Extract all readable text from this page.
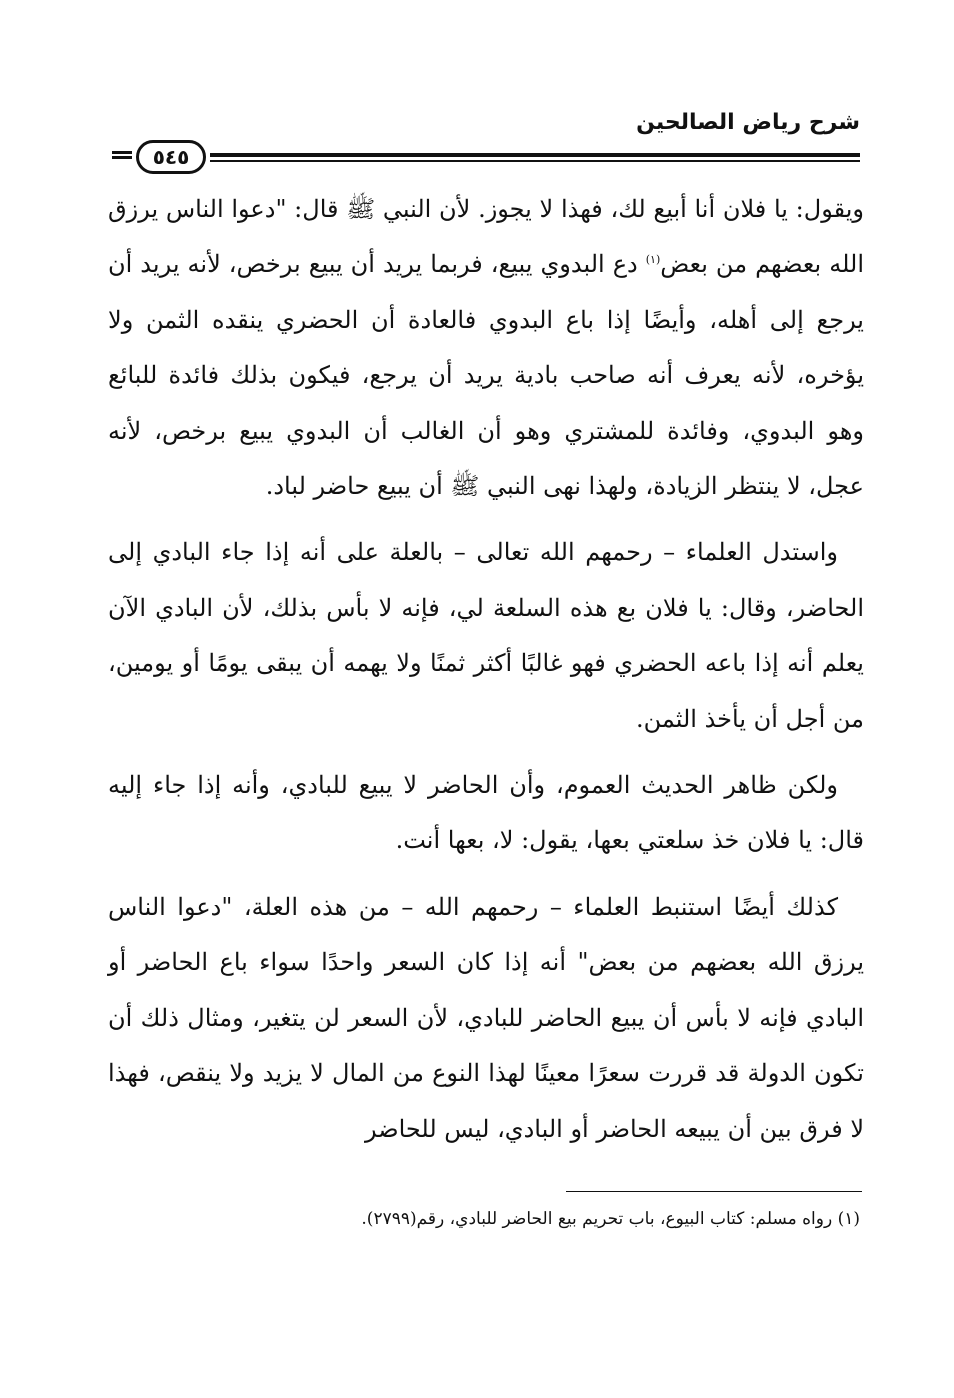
شرح رياض الصالحين
٥٤٥

ويقول: يا فلان أنا أبيع لك، فهذا لا يجوز. لأن النبي ﷺ قال: "دعوا الناس يرزق الله بعضهم من بعض$^{(١)}$ دع البدوي يبيع، فربما يريد أن يبيع برخص، لأنه يريد أن يرجع إلى أهله، وأيضًا إذا باع البدوي فالعادة أن الحضري ينقده الثمن ولا يؤخره، لأنه يعرف أنه صاحب بادية يريد أن يرجع، فيكون بذلك فائدة للبائع وهو البدوي، وفائدة للمشتري وهو أن الغالب أن البدوي يبيع برخص، لأنه عجل، لا ينتظر الزيادة، ولهذا نهى النبي ﷺ أن يبيع حاضر لباد.

واستدل العلماء – رحمهم الله تعالى – بالعلة على أنه إذا جاء البادي إلى الحاضر، وقال: يا فلان بع هذه السلعة لي، فإنه لا بأس بذلك، لأن البادي الآن يعلم أنه إذا باعه الحضري فهو غالبًا أكثر ثمنًا ولا يهمه أن يبقى يومًا أو يومين، من أجل أن يأخذ الثمن.

ولكن ظاهر الحديث العموم، وأن الحاضر لا يبيع للبادي، وأنه إذا جاء إليه قال: يا فلان خذ سلعتي بعها، يقول: لا، بعها أنت.

كذلك أيضًا استنبط العلماء – رحمهم الله – من هذه العلة، "دعوا الناس يرزق الله بعضهم من بعض" أنه إذا كان السعر واحدًا سواء باع الحاضر أو البادي فإنه لا بأس أن يبيع الحاضر للبادي، لأن السعر لن يتغير، ومثال ذلك أن تكون الدولة قد قررت سعرًا معينًا لهذا النوع من المال لا يزيد ولا ينقص، فهذا لا فرق بين أن يبيعه الحاضر أو البادي، ليس للحاضر

(١) رواه مسلم: كتاب البيوع، باب تحريم بيع الحاضر للبادي، رقم(٢٧٩٩).
